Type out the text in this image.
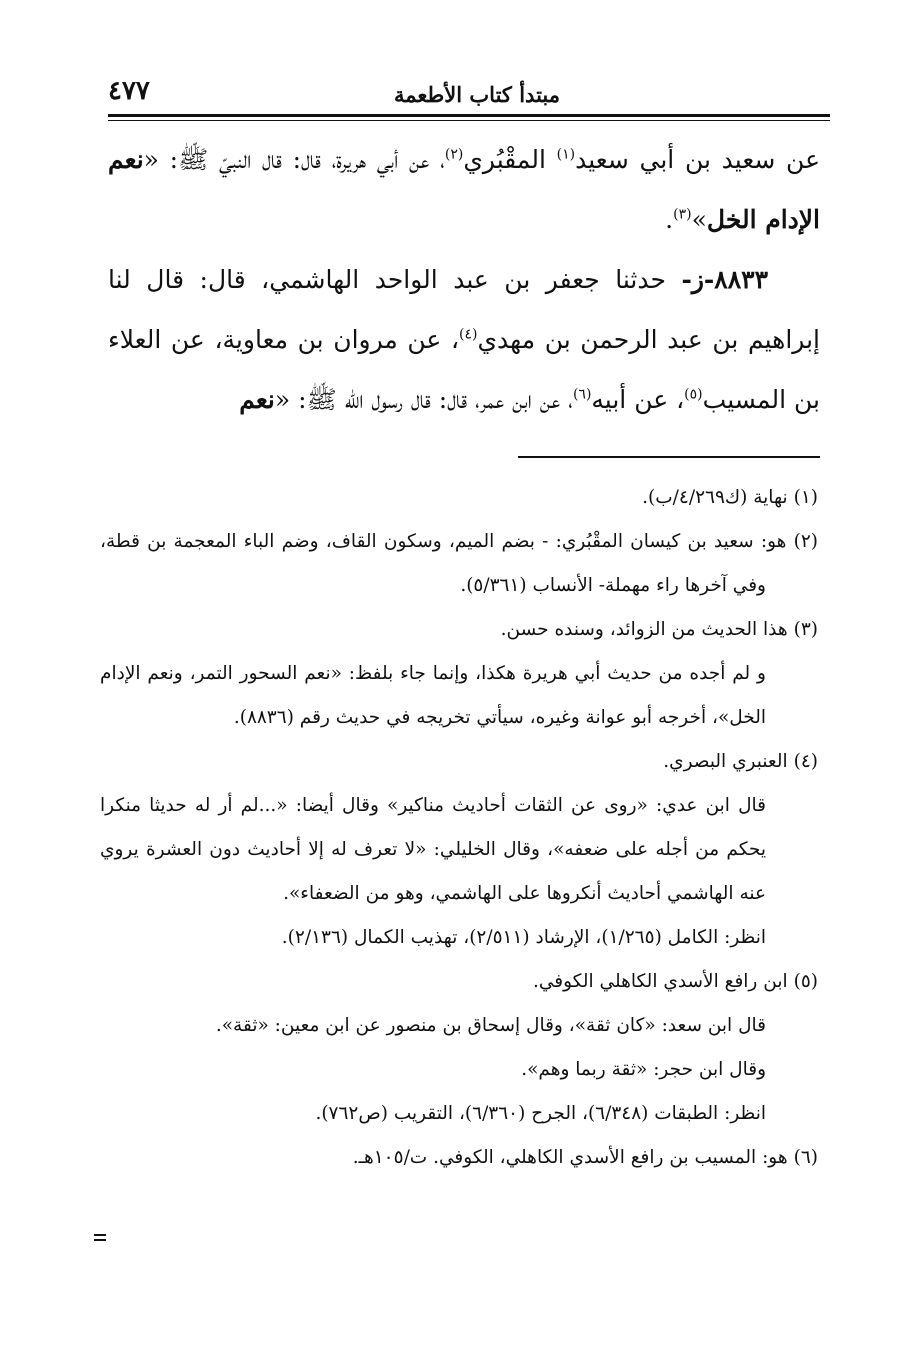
مبتدأ كتاب الأطعمة
٤٧٧

عن سعيد بن أبي سعيد$^{(١)}$ المقْبُري$^{(٢)}$، عن أبي هريرة، قال: قال النبيّ ﷺ: «نعم الإدام الخل»$^{(٣)}$.

٨٨٣٣-ز- حدثنا جعفر بن عبد الواحد الهاشمي، قال: قال لنا إبراهيم بن عبد الرحمن بن مهدي$^{(٤)}$، عن مروان بن معاوية، عن العلاء بن المسيب$^{(٥)}$، عن أبيه$^{(٦)}$، عن ابن عمر، قال: قال رسول الله ﷺ: «نعم

(١)نهاية (ك٤/٢٦٩/ب).

(٢) هو: سعيد بن كيسان المقْبُري: - بضم الميم، وسكون القاف، وضم الباء المعجمة بن قطة، وفي آخرها راء مهملة- الأنساب (٥/٣٦١).

(٣)هذا الحديث من الزوائد، وسنده حسن.

و لم أجده من حديث أبي هريرة هكذا، وإنما جاء بلفظ: «نعم السحور التمر، ونعم الإدام الخل»، أخرجه أبو عوانة وغيره، سيأتي تخريجه في حديث رقم (٨٨٣٦).

(٤)العنبري البصري.

قال ابن عدي: «روى عن الثقات أحاديث مناكير» وقال أيضا: «...لم أر له حديثا منكرا يحكم من أجله على ضعفه»، وقال الخليلي: «لا تعرف له إلا أحاديث دون العشرة يروي عنه الهاشمي أحاديث أنكروها على الهاشمي، وهو من الضعفاء».

انظر: الكامل (١/٢٦٥)، الإرشاد (٢/٥١١)، تهذيب الكمال (٢/١٣٦).

(٥)ابن رافع الأسدي الكاهلي الكوفي.

قال ابن سعد: «كان ثقة»، وقال إسحاق بن منصور عن ابن معين: «ثقة».

وقال ابن حجر: «ثقة ربما وهم».

انظر: الطبقات (٦/٣٤٨)، الجرح (٦/٣٦٠)، التقريب (ص٧٦٢).

(٦)هو: المسيب بن رافع الأسدي الكاهلي، الكوفي. ت/١٠٥هـ.
